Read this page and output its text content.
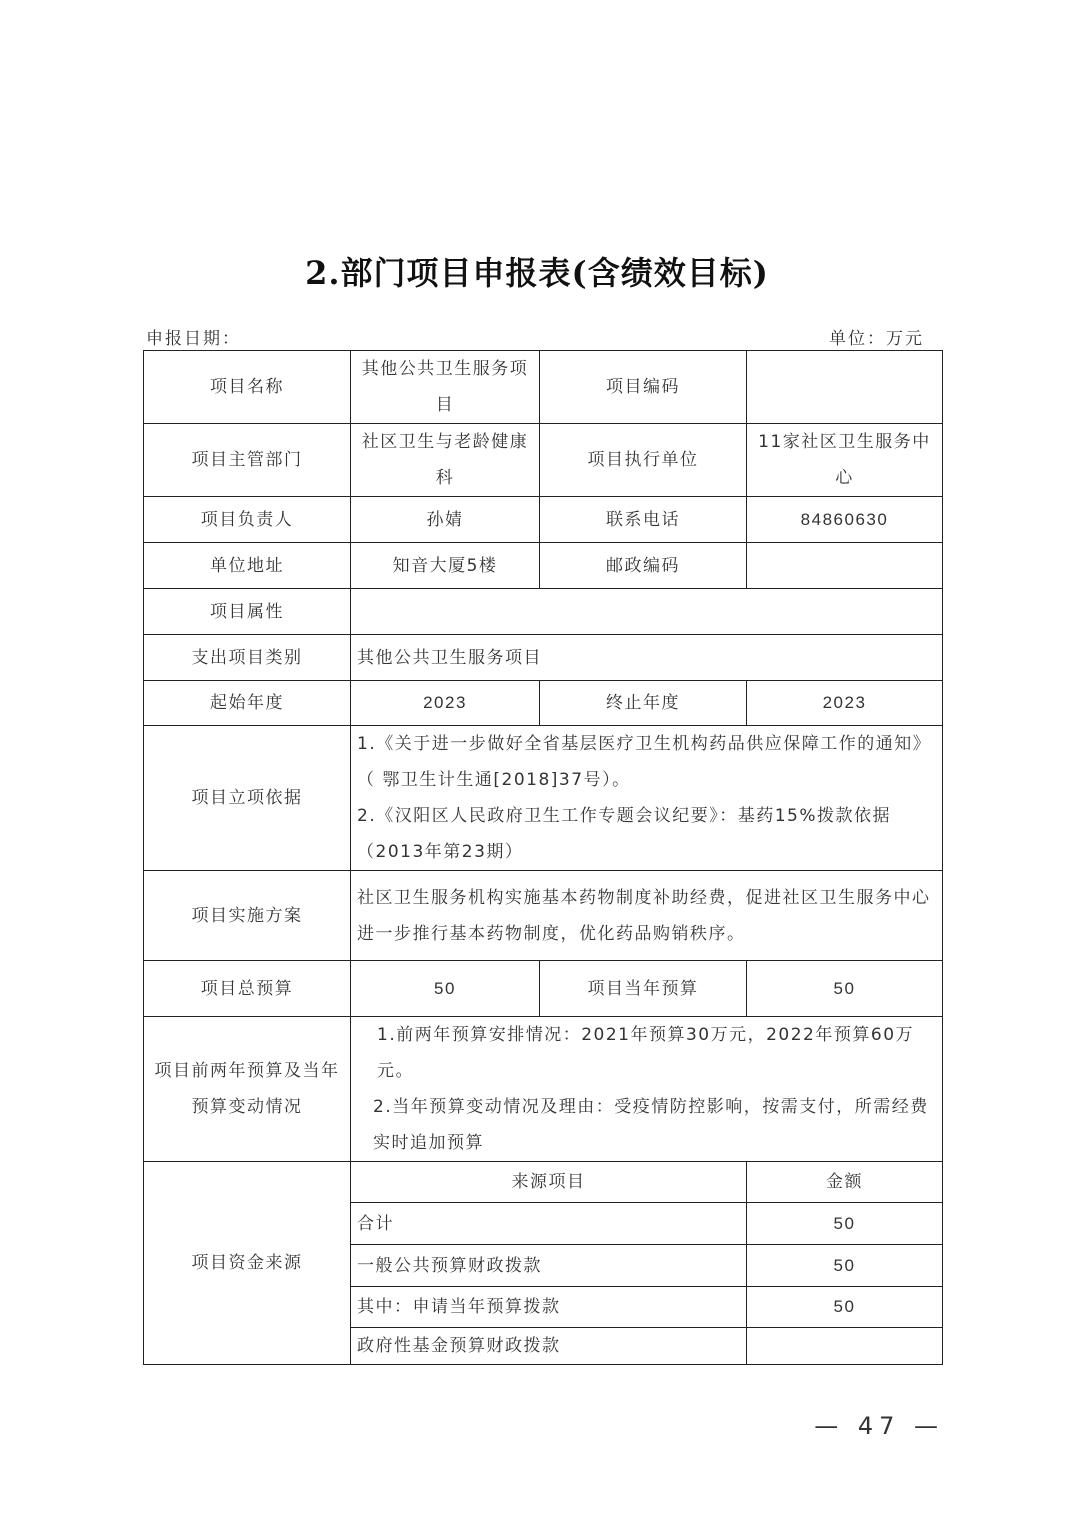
2.部门项目申报表(含绩效目标)
申报日期：	单位：万元
项目名称	其他公共卫生服务项目	项目编码	
项目主管部门	社区卫生与老龄健康科	项目执行单位	11家社区卫生服务中心
项目负责人	孙婧	联系电话	84860630
单位地址	知音大厦5楼	邮政编码	
项目属性			
支出项目类别	其他公共卫生服务项目		
起始年度	2023	终止年度	2023
项目立项依据	1.《关于进一步做好全省基层医疗卫生机构药品供应保障工作的通知》（ 鄂卫生计生通[2018]37号）。
2.《汉阳区人民政府卫生工作专题会议纪要》：基药15%拨款依据（2013年第23期）		

项目实施方案	社区卫生服务机构实施基本药物制度补助经费，促进社区卫生服务中心进一步推行基本药物制度，优化药品购销秩序。		

项目总预算	50	项目当年预算	50
项目前两年预算及当年预算变动情况	1.前两年预算安排情况：2021年预算30万元，2022年预算60万元。
2.当年预算变动情况及理由：受疫情防控影响，按需支付，所需经费实时追加预算		

项目资金来源	来源项目		金额
	合计		50
	一般公共预算财政拨款		50
	其中：申请当年预算拨款		50
	政府性基金预算财政拨款		
— 47 —
